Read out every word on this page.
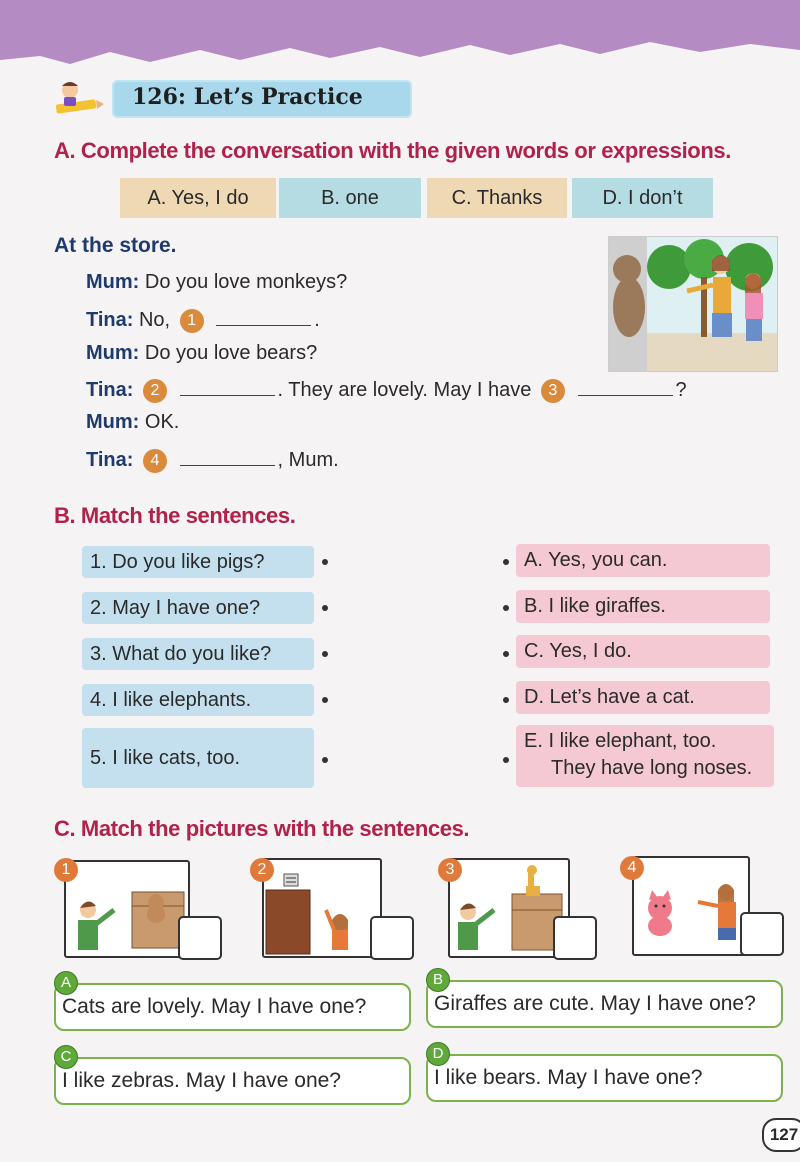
126: Let’s Practice
A. Complete the conversation with the given words or expressions.
A. Yes, I do	B. one	C. Thanks	D. I don’t
At the store.
Mum: Do you love monkeys?
Tina: No, 1	.
Mum: Do you love bears?
Tina: 2	. They are lovely. May I have 3	?
Mum: OK.
Tina: 4	, Mum.
B. Match the sentences.
1. Do you like pigs?
2. May I have one?
3. What do you like?
4. I like elephants.
5. I like cats, too.
A. Yes, you can.
B. I like giraffes.
C. Yes, I do.
D. Let’s have a cat.
E. I like elephant, too.
They have long noses.
C. Match the pictures with the sentences.
1	2	3	4
Cats are lovely. May I have one?
A
Giraffes are cute. May I have one?
B
I like zebras. May I have one?
C
I like bears. May I have one?
D
127
